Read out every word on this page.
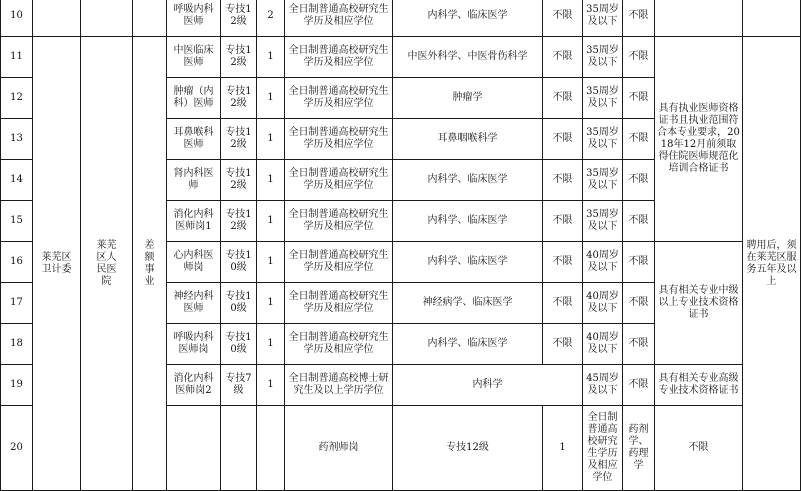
10				呼吸内科医师	专技12级	2	全日制普通高校研究生学历及相应学位	内科学、临床医学	不限	35周岁及以下	不限			
11	莱芜区卫计委	莱芜区人民医院	差额事业	中医临床医师	专技12级	1	全日制普通高校研究生学历及相应学位	中医外科学、中医骨伤科学	不限	35周岁及以下	不限	具有执业医师资格证书且执业范围符合本专业要求，2018年12月前须取得住院医师规范化培训合格证书	聘用后，须在莱芜区服务五年及以上	
12				肿瘤（内科）医师	专技12级	1	全日制普通高校研究生学历及相应学位	肿瘤学	不限	35周岁及以下	不限			
13				耳鼻喉科医师	专技12级	1	全日制普通高校研究生学历及相应学位	耳鼻咽喉科学	不限	35周岁及以下	不限			
14				肾内科医师	专技12级	1	全日制普通高校研究生学历及相应学位	内科学、临床医学	不限	35周岁及以下	不限			
15				消化内科医师岗1	专技12级	1	全日制普通高校研究生学历及相应学位	内科学、临床医学	不限	35周岁及以下	不限			
16				心内科医师岗	专技10级	1	全日制普通高校研究生学历及相应学位	内科学、临床医学	不限	40周岁及以下	不限	具有相关专业中级以上专业技术资格证书		
17				神经内科医师	专技10级	1	全日制普通高校研究生学历及相应学位	神经病学、临床医学	不限	40周岁及以下	不限			
18				呼吸内科医师岗	专技10级	1	全日制普通高校研究生学历及相应学位	内科学、临床医学	不限	40周岁及以下	不限			
19				消化内科医师岗2	专技7级	1	全日制普通高校博士研究生及以上学历学位	内科学		45周岁及以下	不限	具有相关专业高级专业技术资格证书		
20							药剂师岗	专技12级	1	全日制普通高校研究生学历及相应学位	药剂学、药理学	不限				
